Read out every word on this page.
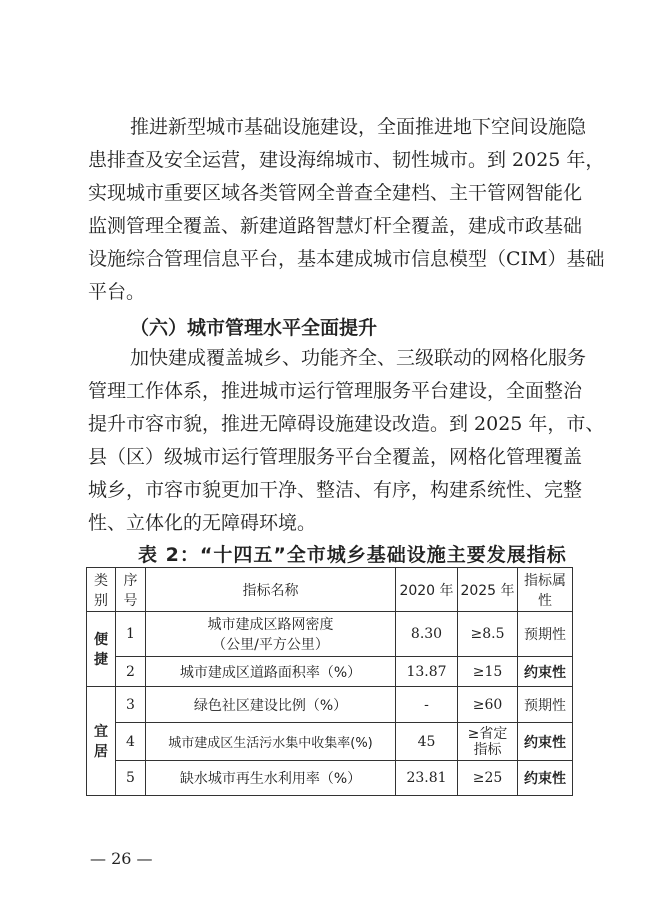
推进新型城市基础设施建设，全面推进地下空间设施隐
患排查及安全运营，建设海绵城市、韧性城市。到 2025 年，
实现城市重要区域各类管网全普查全建档、主干管网智能化
监测管理全覆盖、新建道路智慧灯杆全覆盖，建成市政基础
设施综合管理信息平台，基本建成城市信息模型（CIM）基础
平台。
（六）城市管理水平全面提升
加快建成覆盖城乡、功能齐全、三级联动的网格化服务
管理工作体系，推进城市运行管理服务平台建设，全面整治
提升市容市貌，推进无障碍设施建设改造。到 2025 年，市、
县（区）级城市运行管理服务平台全覆盖，网格化管理覆盖
城乡，市容市貌更加干净、整洁、有序，构建系统性、完整
性、立体化的无障碍环境。
表 2：“十四五”全市城乡基础设施主要发展指标
类别	序号	指标名称	2020 年	2025 年	指标属性
便捷	1	城市建成区路网密度（公里/平方公里）	8.30	≥8.5	预期性
	2	城市建成区道路面积率（%）	13.87	≥15	约束性
宜居	3	绿色社区建设比例（%）	-	≥60	预期性
	4	城市建成区生活污水集中收集率(%)	45	≥省定指标	约束性
	5	缺水城市再生水利用率（%）	23.81	≥25	约束性
— 26 —
